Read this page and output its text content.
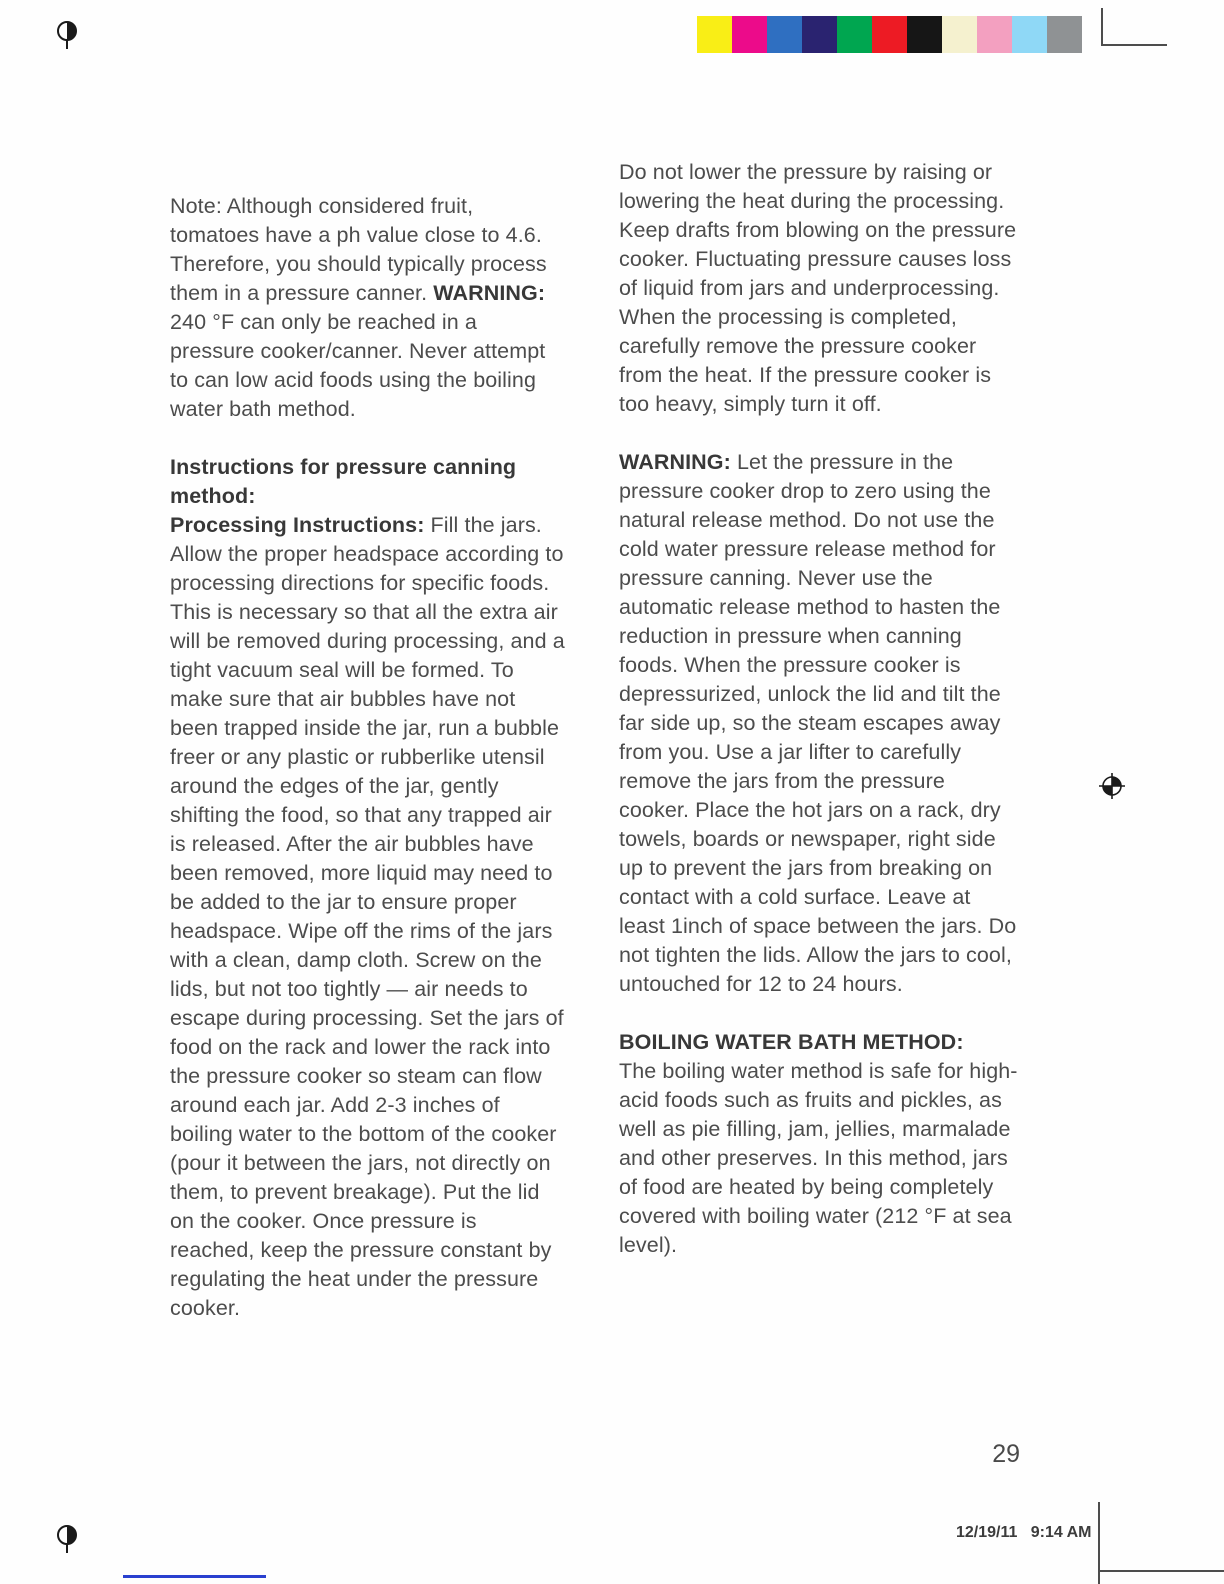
Note: Although considered fruit, tomatoes have a ph value close to 4.6. Therefore, you should typically process them in a pressure canner. WARNING: 240 °F can only be reached in a pressure cooker/canner. Never attempt to can low acid foods using the boiling water bath method.

Instructions for pressure canning method:

Processing Instructions: Fill the jars. Allow the proper headspace according to processing directions for specific foods. This is necessary so that all the extra air will be removed during processing, and a tight vacuum seal will be formed. To make sure that air bubbles have not been trapped inside the jar, run a bubble freer or any plastic or rubberlike utensil around the edges of the jar, gently shifting the food, so that any trapped air is released. After the air bubbles have been removed, more liquid may need to be added to the jar to ensure proper headspace. Wipe off the rims of the jars with a clean, damp cloth. Screw on the lids, but not too tightly — air needs to escape during processing. Set the jars of food on the rack and lower the rack into the pressure cooker so steam can flow around each jar. Add 2-3 inches of boiling water to the bottom of the cooker (pour it between the jars, not directly on them, to prevent breakage). Put the lid on the cooker. Once pressure is reached, keep the pressure constant by regulating the heat under the pressure cooker.

Do not lower the pressure by raising or lowering the heat during the processing. Keep drafts from blowing on the pressure cooker. Fluctuating pressure causes loss of liquid from jars and underprocessing. When the processing is completed, carefully remove the pressure cooker from the heat. If the pressure cooker is too heavy, simply turn it off.

WARNING: Let the pressure in the pressure cooker drop to zero using the natural release method. Do not use the cold water pressure release method for pressure canning. Never use the automatic release method to hasten the reduction in pressure when canning foods. When the pressure cooker is depressurized, unlock the lid and tilt the far side up, so the steam escapes away from you. Use a jar lifter to carefully remove the jars from the pressure cooker. Place the hot jars on a rack, dry towels, boards or newspaper, right side up to prevent the jars from breaking on contact with a cold surface. Leave at least 1inch of space between the jars. Do not tighten the lids. Allow the jars to cool, untouched for 12 to 24 hours.

BOILING WATER BATH METHOD:

The boiling water method is safe for high-acid foods such as fruits and pickles, as well as pie filling, jam, jellies, marmalade and other preserves. In this method, jars of food are heated by being completely covered with boiling water (212 °F at sea level).

29
12/19/11   9:14 AM
